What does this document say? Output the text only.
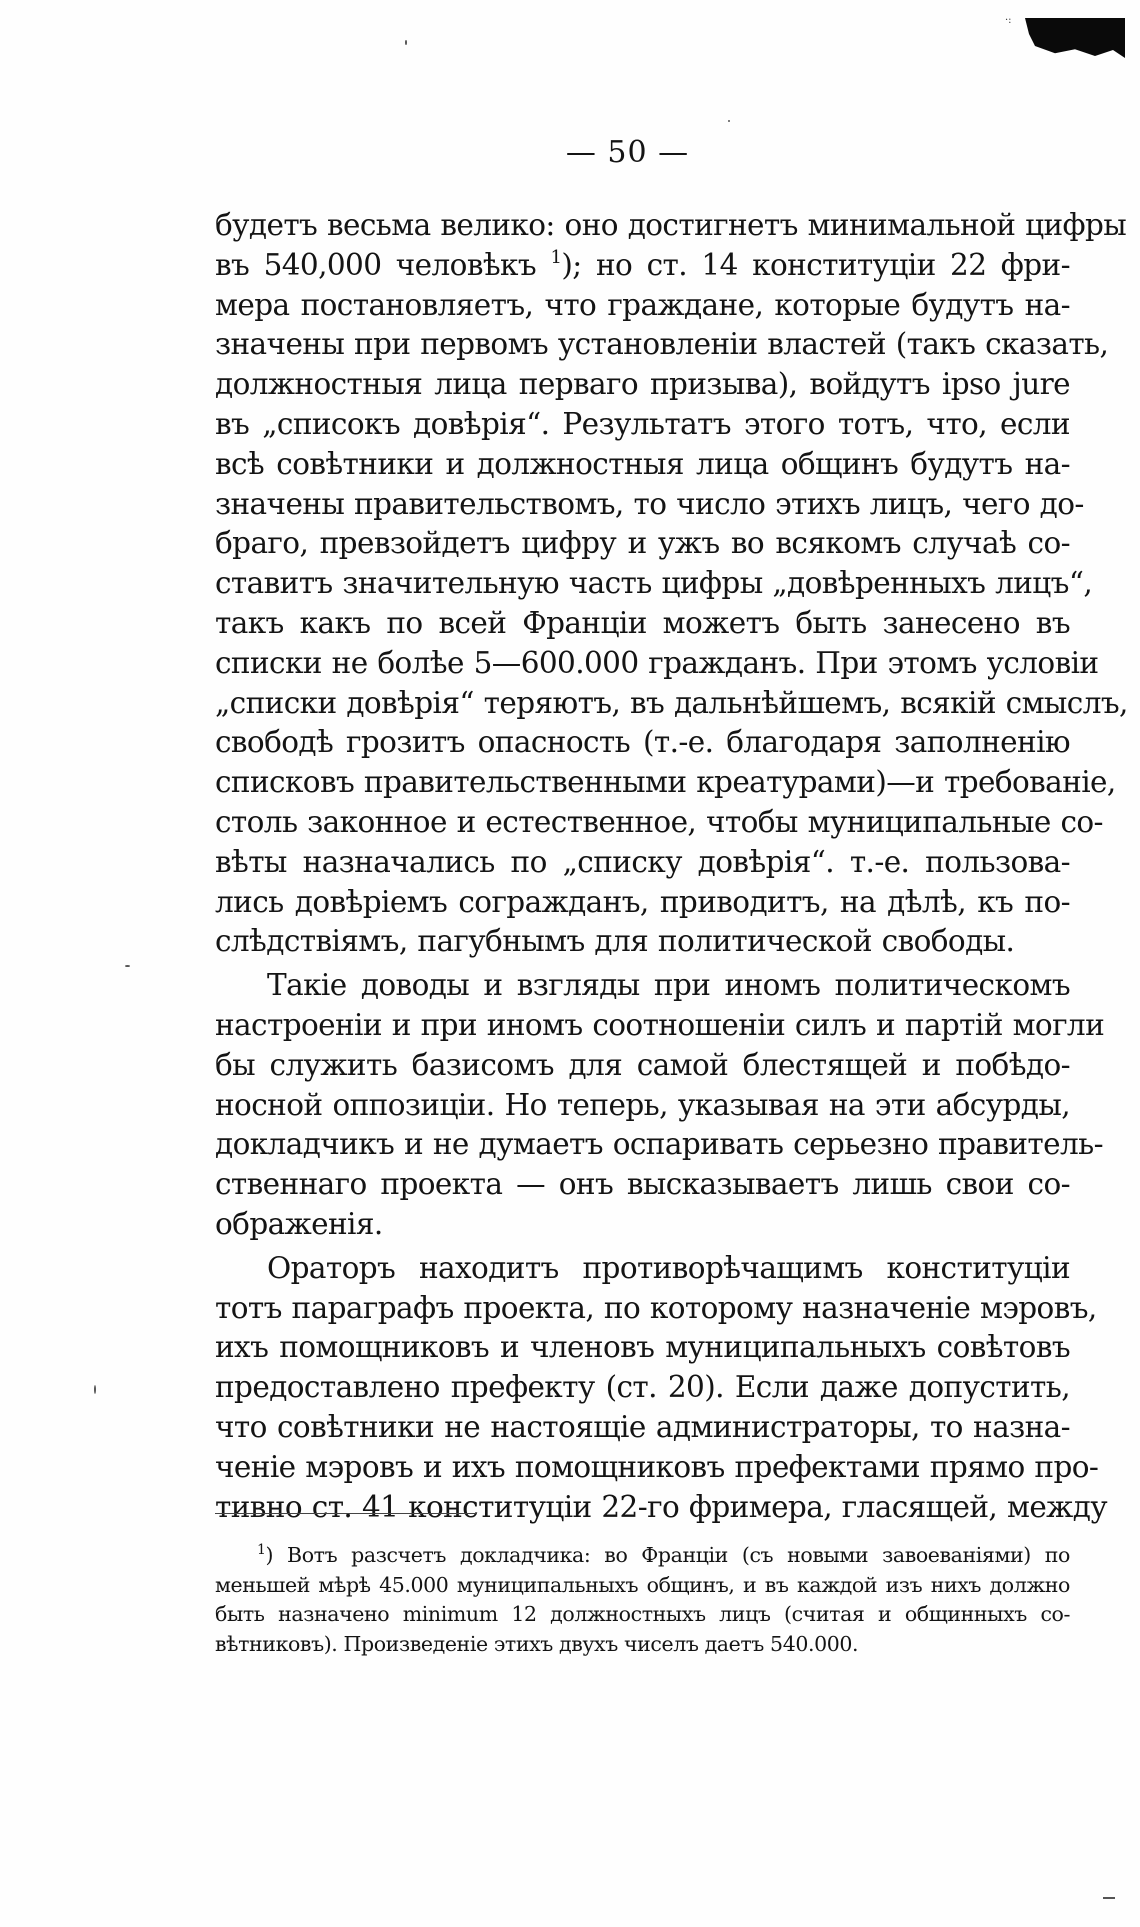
·:
— 50 —
будетъ весьма велико: оно достигнетъ минимальной цифры
въ 540,000 человѣкъ $^1$); но ст. 14 конституціи 22 фри-
мера постановляетъ, что граждане, которые будутъ на-
значены при первомъ установленіи властей (такъ сказать,
должностныя лица перваго призыва), войдутъ ipso jure
въ „списокъ довѣрія“. Результатъ этого тотъ, что, если
всѣ совѣтники и должностныя лица общинъ будутъ на-
значены правительствомъ, то число этихъ лицъ, чего до-
браго, превзойдетъ цифру и ужъ во всякомъ случаѣ со-
ставитъ значительную часть цифры „довѣренныхъ лицъ“,
такъ какъ по всей Франціи можетъ быть занесено въ
списки не болѣе 5—600.000 гражданъ. При этомъ условіи
„списки довѣрія“ теряютъ, въ дальнѣйшемъ, всякій смыслъ,
свободѣ грозитъ опасность (т.-е. благодаря заполненію
списковъ правительственными креатурами)—и требованіе,
столь законное и естественное, чтобы муниципальные со-
вѣты назначались по „списку довѣрія“. т.-е. пользова-
лись довѣріемъ согражданъ, приводитъ, на дѣлѣ, къ по-
слѣдствіямъ, пагубнымъ для политической свободы.
Такіе доводы и взгляды при иномъ политическомъ
настроеніи и при иномъ соотношеніи силъ и партій могли
бы служить базисомъ для самой блестящей и побѣдо-
носной оппозиціи. Но теперь, указывая на эти абсурды,
докладчикъ и не думаетъ оспаривать серьезно правитель-
ственнаго проекта — онъ высказываетъ лишь свои со-
ображенія.
Ораторъ находитъ противорѣчащимъ конституціи
тотъ параграфъ проекта, по которому назначеніе мэровъ,
ихъ помощниковъ и членовъ муниципальныхъ совѣтовъ
предоставлено префекту (ст. 20). Если даже допустить,
что совѣтники не настоящіе администраторы, то назна-
ченіе мэровъ и ихъ помощниковъ префектами прямо про-
тивно ст. 41 конституціи 22-го фримера, гласящей, между
$^1$) Вотъ разсчетъ докладчика: во Франціи (съ новыми завоеваніями) по
меньшей мѣрѣ 45.000 муниципальныхъ общинъ, и въ каждой изъ нихъ должно
быть назначено minimum 12 должностныхъ лицъ (считая и общинныхъ со-
вѣтниковъ). Произведеніе этихъ двухъ чиселъ даетъ 540.000.
